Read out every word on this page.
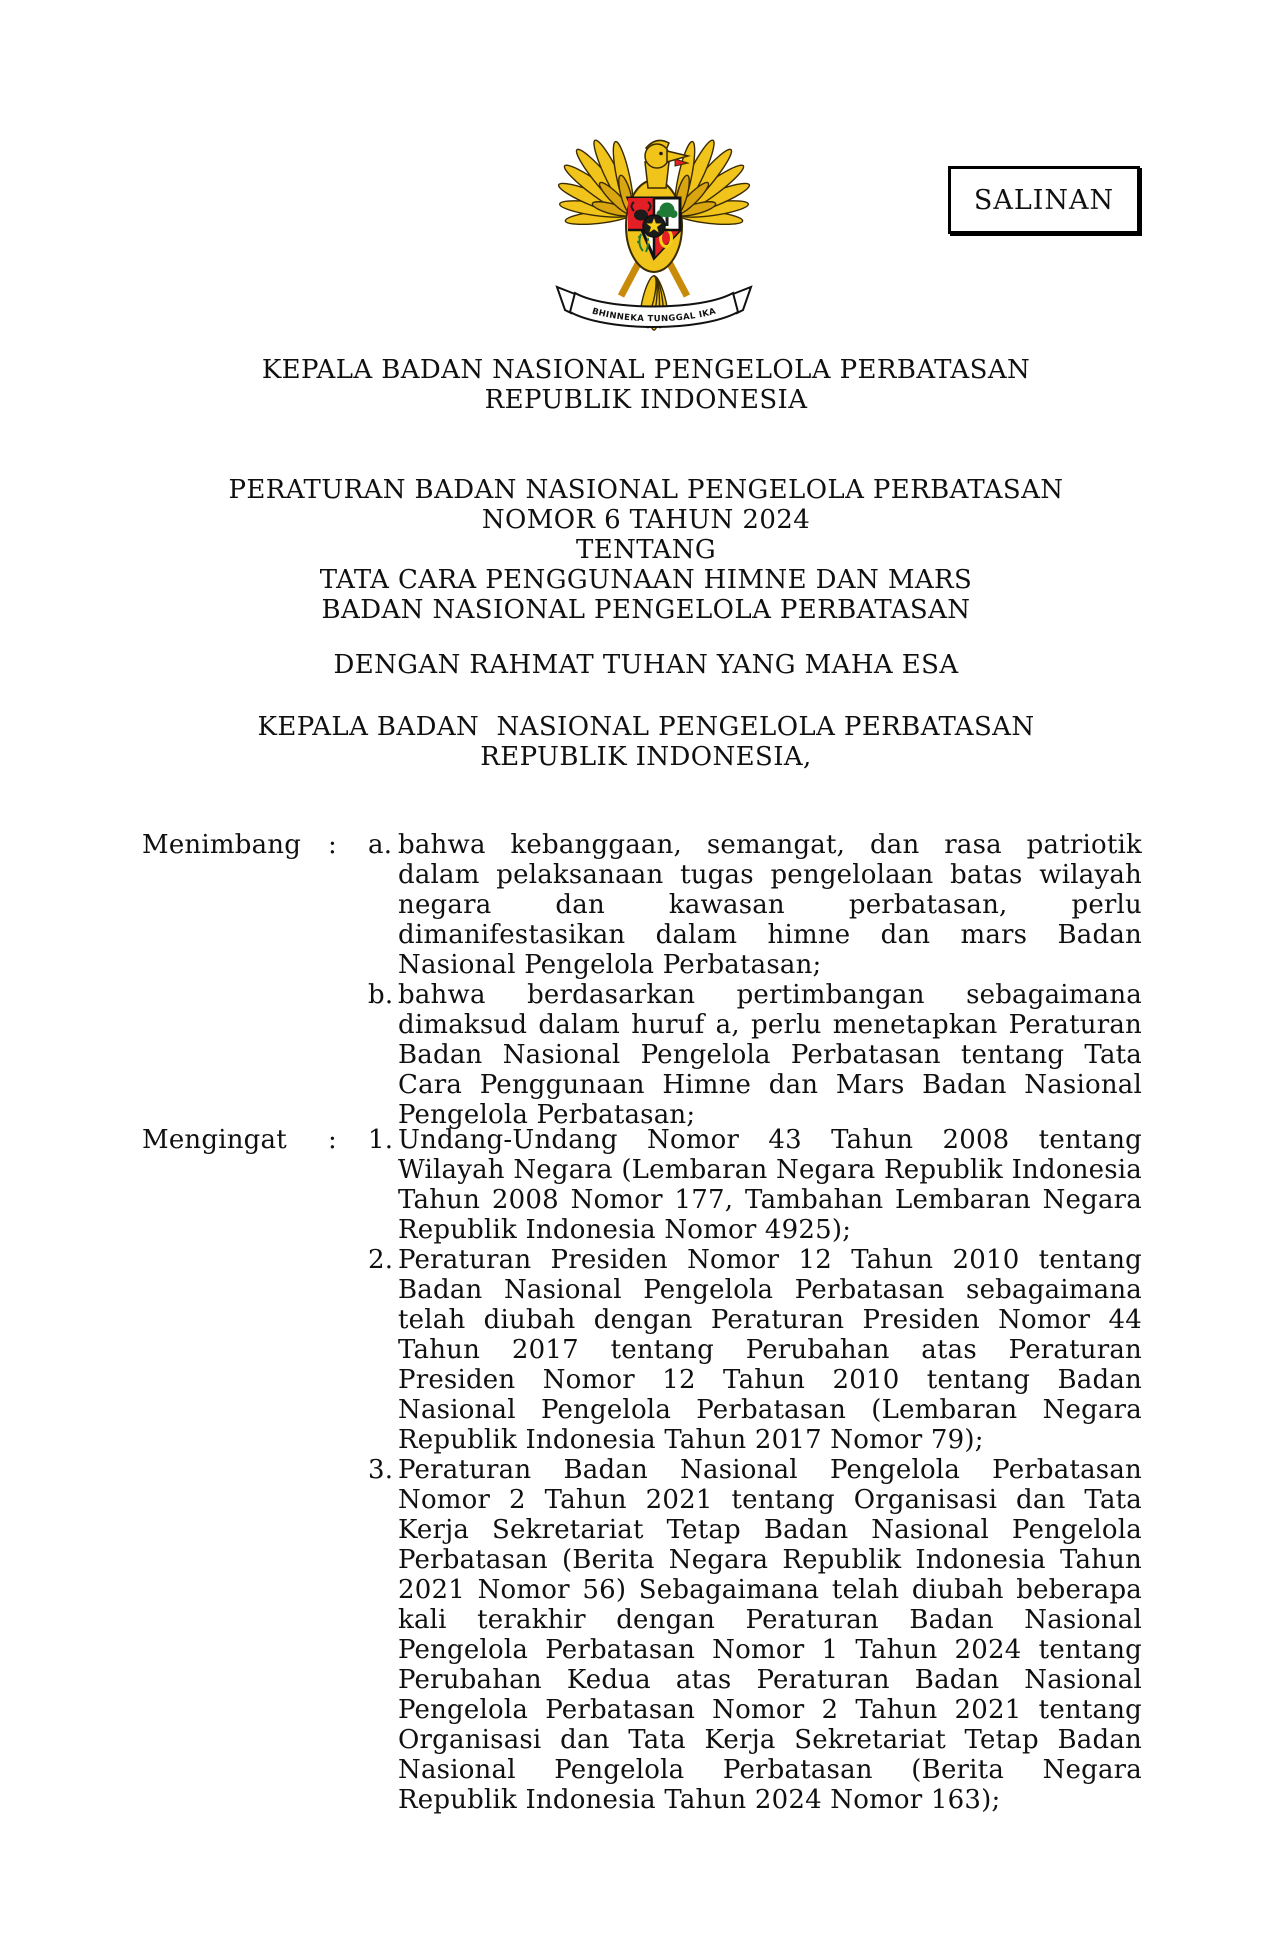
BHINNEKA TUNGGAL IKA
SALINAN
KEPALA BADAN NASIONAL PENGELOLA PERBATASAN
REPUBLIK INDONESIA
PERATURAN BADAN NASIONAL PENGELOLA PERBATASAN
NOMOR 6 TAHUN 2024
TENTANG
TATA CARA PENGGUNAAN HIMNE DAN MARS
BADAN NASIONAL PENGELOLA PERBATASAN
DENGAN RAHMAT TUHAN YANG MAHA ESA
KEPALA BADAN  NASIONAL PENGELOLA PERBATASAN
REPUBLIK INDONESIA,
Menimbang	:	a. bahwa kebanggaan, semangat, dan rasa patriotik dalam pelaksanaan tugas pengelolaan batas wilayah negara dan kawasan perbatasan, perlu dimanifestasikan dalam himne dan mars Badan Nasional Pengelola Perbatasan;
b. bahwa berdasarkan pertimbangan sebagaimana dimaksud dalam huruf a, perlu menetapkan Peraturan Badan Nasional Pengelola Perbatasan tentang Tata Cara Penggunaan Himne dan Mars Badan Nasional Pengelola Perbatasan;
Mengingat	:	1. Undang-Undang Nomor 43 Tahun 2008 tentang Wilayah Negara (Lembaran Negara Republik Indonesia Tahun 2008 Nomor 177, Tambahan Lembaran Negara Republik Indonesia Nomor 4925);
2. Peraturan Presiden Nomor 12 Tahun 2010 tentang Badan Nasional Pengelola Perbatasan sebagaimana telah diubah dengan Peraturan Presiden Nomor 44 Tahun 2017 tentang Perubahan atas Peraturan Presiden Nomor 12 Tahun 2010 tentang Badan Nasional Pengelola Perbatasan (Lembaran Negara Republik Indonesia Tahun 2017 Nomor 79);
3. Peraturan Badan Nasional Pengelola Perbatasan Nomor 2 Tahun 2021 tentang Organisasi dan Tata Kerja Sekretariat Tetap Badan Nasional Pengelola Perbatasan (Berita Negara Republik Indonesia Tahun 2021 Nomor 56) Sebagaimana telah diubah beberapa kali terakhir dengan Peraturan Badan Nasional Pengelola Perbatasan Nomor 1 Tahun 2024 tentang Perubahan Kedua atas Peraturan Badan Nasional Pengelola Perbatasan Nomor 2 Tahun 2021 tentang Organisasi dan Tata Kerja Sekretariat Tetap Badan Nasional Pengelola Perbatasan (Berita Negara Republik Indonesia Tahun 2024 Nomor 163);
